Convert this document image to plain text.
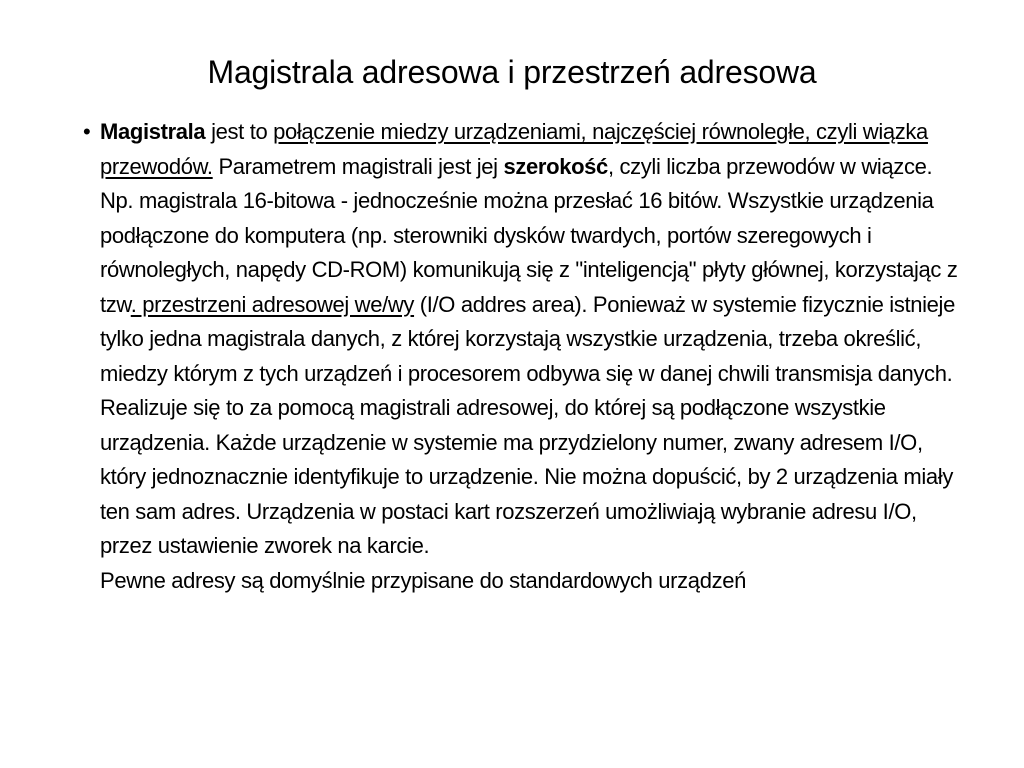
Magistrala adresowa i przestrzeń adresowa
• Magistrala jest to połączenie miedzy urządzeniami, najczęściej równoległe, czyli wiązka przewodów. Parametrem magistrali jest jej szerokość, czyli liczba przewodów w wiązce. Np. magistrala 16-bitowa - jednocześnie można przesłać 16 bitów. Wszystkie urządzenia podłączone do komputera (np. sterowniki dysków twardych, portów szeregowych i równoległych, napędy CD-ROM) komunikują się z "inteligencją" płyty głównej, korzystając z tzw. przestrzeni adresowej we/wy (I/O addres area). Ponieważ w systemie fizycznie istnieje tylko jedna magistrala danych, z której korzystają wszystkie urządzenia, trzeba określić, miedzy którym z tych urządzeń i procesorem odbywa się w danej chwili transmisja danych. Realizuje się to za pomocą magistrali adresowej, do której są podłączone wszystkie urządzenia. Każde urządzenie w systemie ma przydzielony numer, zwany adresem I/O, który jednoznacznie identyfikuje to urządzenie. Nie można dopuścić, by 2 urządzenia miały ten sam adres. Urządzenia w postaci kart rozszerzeń umożliwiają wybranie adresu I/O, przez ustawienie zworek na karcie.
Pewne adresy są domyślnie przypisane do standardowych urządzeń
